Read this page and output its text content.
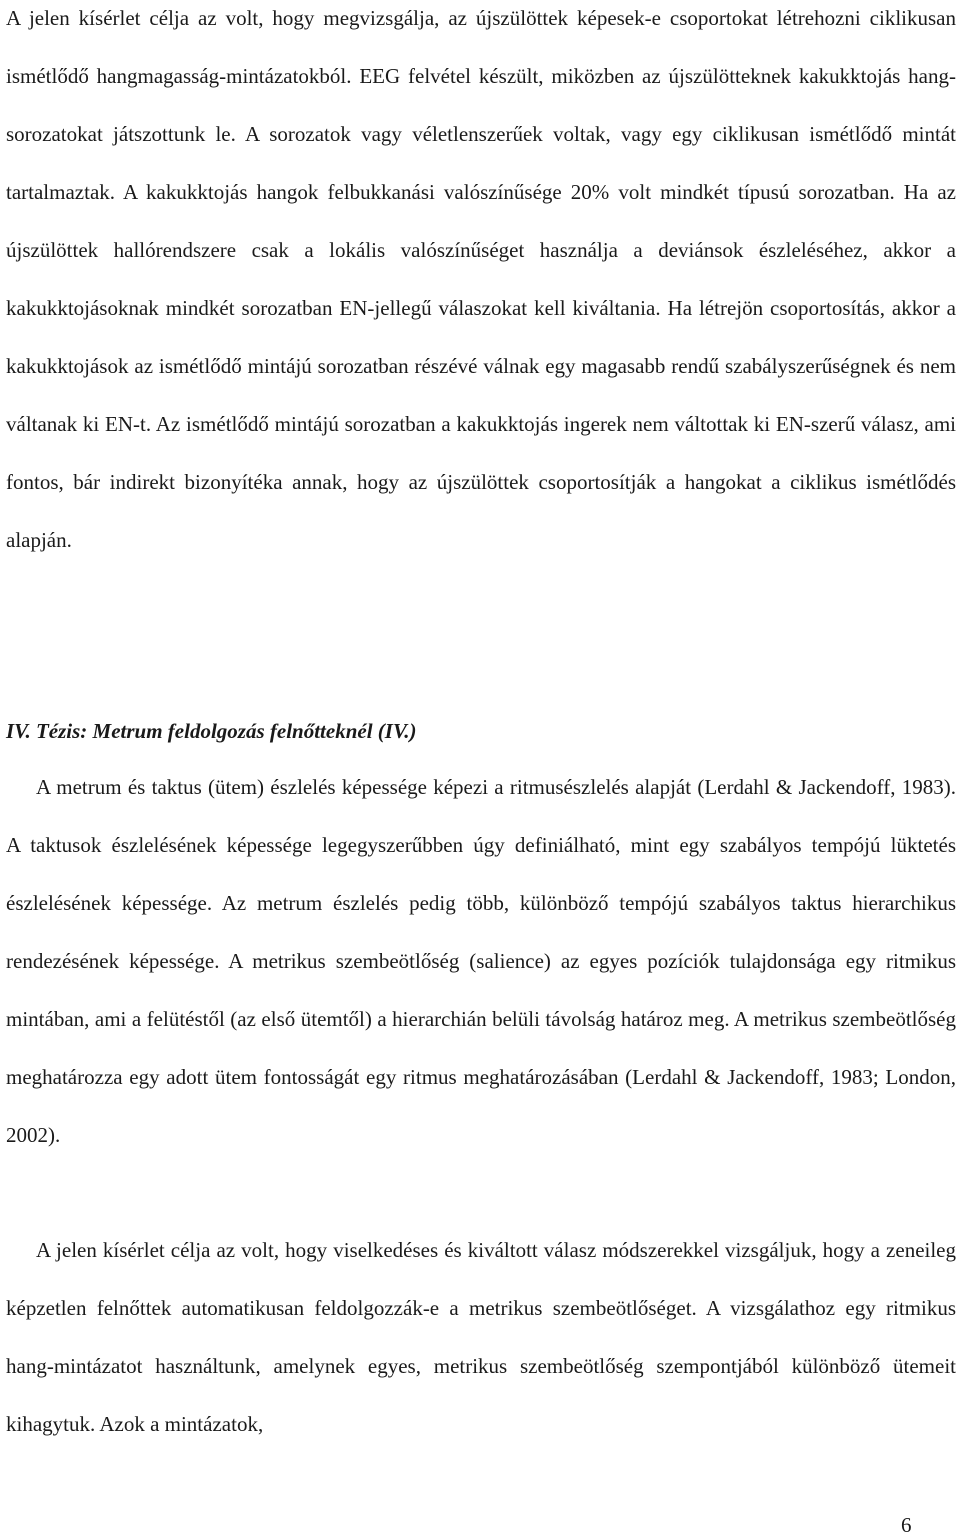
A jelen kísérlet célja az volt, hogy megvizsgálja, az újszülöttek képesek-e csoportokat létrehozni ciklikusan ismétlődő hangmagasság-mintázatokból. EEG felvétel készült, miközben az újszülötteknek kakukktojás hang-sorozatokat játszottunk le. A sorozatok vagy véletlenszerűek voltak, vagy egy ciklikusan ismétlődő mintát tartalmaztak. A kakukktojás hangok felbukkanási valószínűsége 20% volt mindkét típusú sorozatban. Ha az újszülöttek hallórendszere csak a lokális valószínűséget használja a deviánsok észleléséhez, akkor a kakukktojásoknak mindkét sorozatban EN-jellegű válaszokat kell kiváltania. Ha létrejön csoportosítás, akkor a kakukktojások az ismétlődő mintájú sorozatban részévé válnak egy magasabb rendű szabályszerűségnek és nem váltanak ki EN-t. Az ismétlődő mintájú sorozatban a kakukktojás ingerek nem váltottak ki EN-szerű válasz, ami fontos, bár indirekt bizonyítéka annak, hogy az újszülöttek csoportosítják a hangokat a ciklikus ismétlődés alapján.

IV. Tézis: Metrum feldolgozás felnőtteknél (IV.)

A metrum és taktus (ütem) észlelés képessége képezi a ritmusészlelés alapját (Lerdahl & Jackendoff, 1983). A taktusok észlelésének képessége legegyszerűbben úgy definiálható, mint egy szabályos tempójú lüktetés észlelésének képessége. Az metrum észlelés pedig több, különböző tempójú szabályos taktus hierarchikus rendezésének képessége. A metrikus szembeötlőség (salience) az egyes pozíciók tulajdonsága egy ritmikus mintában, ami a felütéstől (az első ütemtől) a hierarchián belüli távolság határoz meg. A metrikus szembeötlőség meghatározza egy adott ütem fontosságát egy ritmus meghatározásában (Lerdahl & Jackendoff, 1983; London, 2002).

A jelen kísérlet célja az volt, hogy viselkedéses és kiváltott válasz módszerekkel vizsgáljuk, hogy a zeneileg képzetlen felnőttek automatikusan feldolgozzák-e a metrikus szembeötlőséget. A vizsgálathoz egy ritmikus hang-mintázatot használtunk, amelynek egyes, metrikus szembeötlőség szempontjából különböző ütemeit kihagytuk. Azok a mintázatok,

6
